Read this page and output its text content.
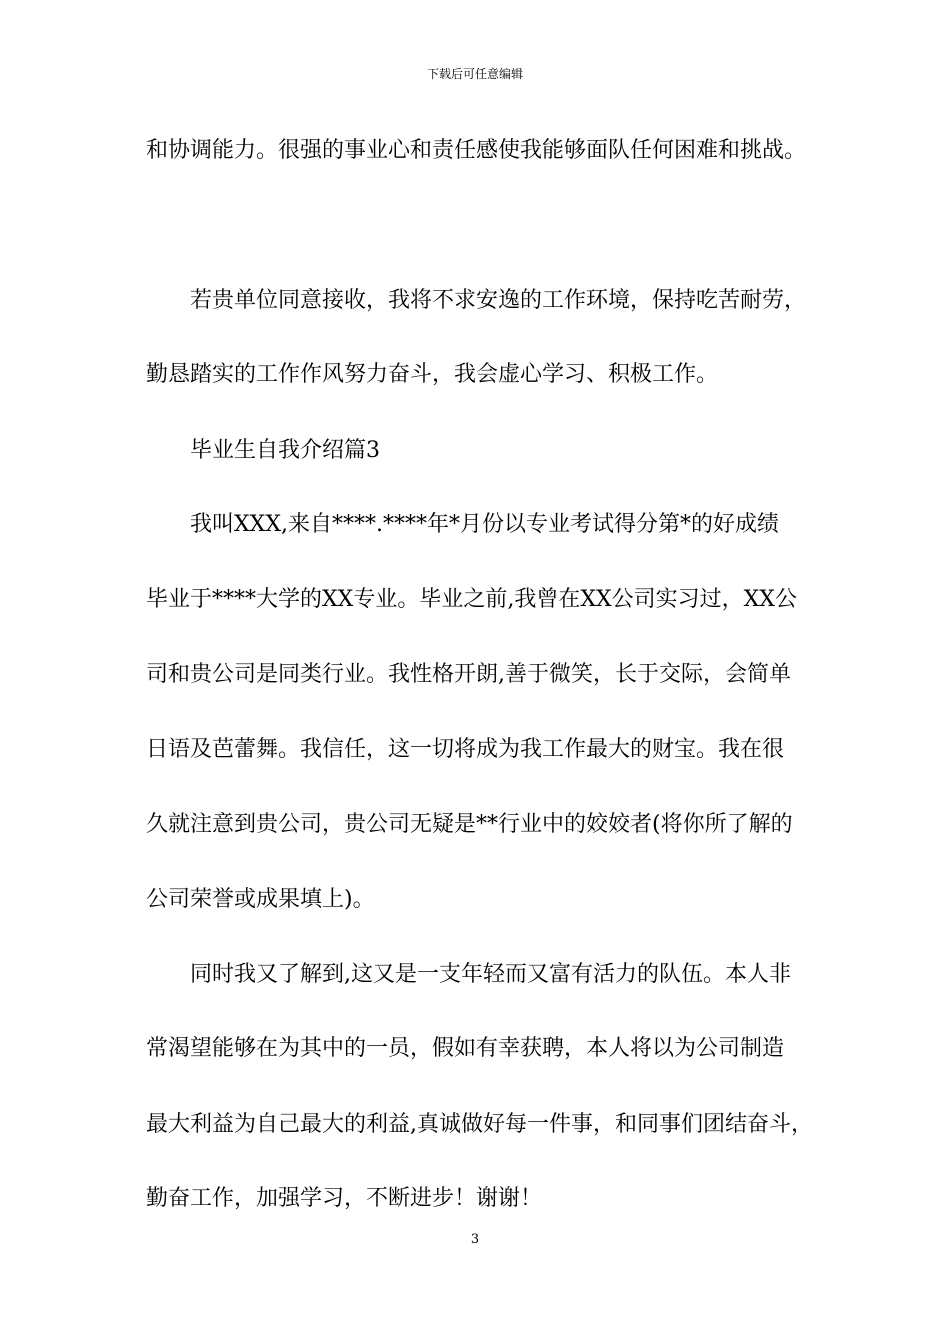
下载后可任意编辑
和协调能力。很强的事业心和责任感使我能够面队任何困难和挑战。
若贵单位同意接收，我将不求安逸的工作环境，保持吃苦耐劳，
勤恳踏实的工作作风努力奋斗，我会虚心学习、积极工作。
毕业生自我介绍篇3
我叫XXX,来自****.****年*月份以专业考试得分第*的好成绩
毕业于****大学的XX专业。毕业之前,我曾在XX公司实习过，XX公
司和贵公司是同类行业。我性格开朗,善于微笑，长于交际，会简单
日语及芭蕾舞。我信任，这一切将成为我工作最大的财宝。我在很
久就注意到贵公司，贵公司无疑是**行业中的姣姣者(将你所了解的
公司荣誉或成果填上)。
同时我又了解到,这又是一支年轻而又富有活力的队伍。本人非
常渴望能够在为其中的一员，假如有幸获聘，本人将以为公司制造
最大利益为自己最大的利益,真诚做好每一件事，和同事们团结奋斗，
勤奋工作，加强学习，不断进步！谢谢！
3
